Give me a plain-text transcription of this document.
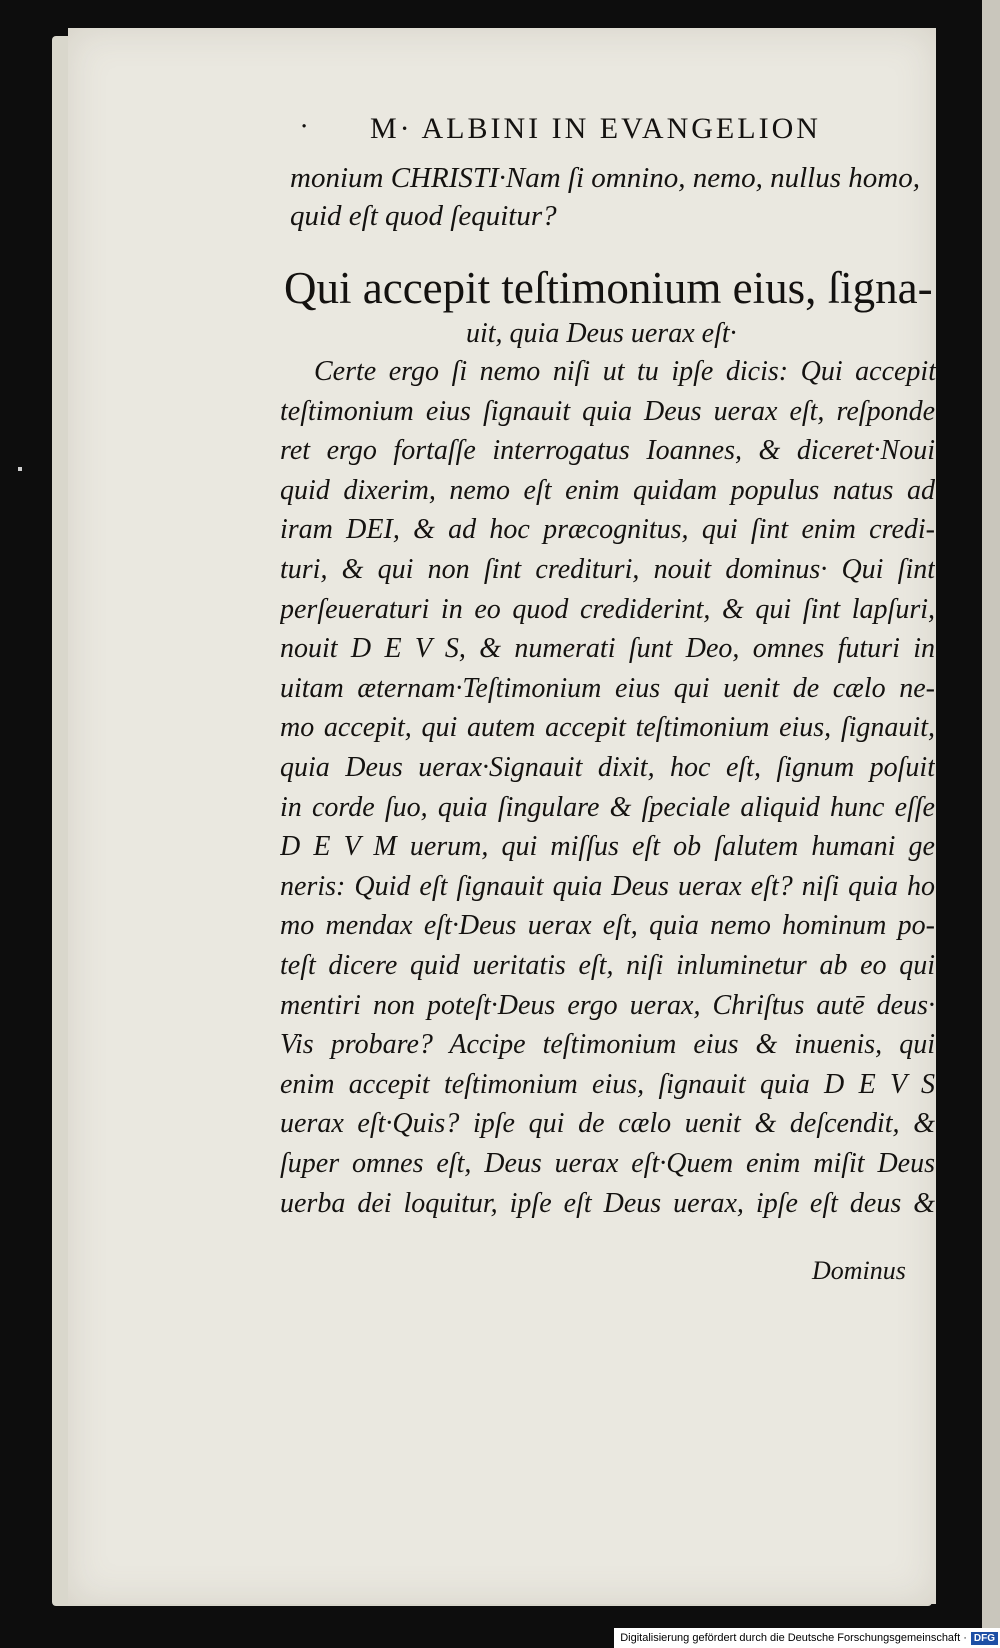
· M· ALBINI IN EVANGELION
monium CHRISTI·Nam ſi omnino, nemo, nullus homo,
quid eſt quod ſequitur?
Qui accepit teſtimonium eius, ſigna-
uit, quia Deus uerax eſt·
Certe ergo ſi nemo niſi ut tu ipſe dicis: Qui accepit
teſtimonium eius ſignauit quia Deus uerax eſt, reſponde
ret ergo fortaſſe interrogatus Ioannes, & diceret·Noui
quid dixerim, nemo eſt enim quidam populus natus ad
iram DEI, & ad hoc præcognitus, qui ſint enim credi-
turi, & qui non ſint credituri, nouit dominus· Qui ſint
perſeueraturi in eo quod crediderint, & qui ſint lapſuri,
nouit D E V S, & numerati ſunt Deo, omnes futuri in
uitam æternam·Teſtimonium eius qui uenit de cælo ne-
mo accepit, qui autem accepit teſtimonium eius, ſignauit,
quia Deus uerax·Signauit dixit, hoc eſt, ſignum poſuit
in corde ſuo, quia ſingulare & ſpeciale aliquid hunc eſſe
D E V M uerum, qui miſſus eſt ob ſalutem humani ge
neris: Quid eſt ſignauit quia Deus uerax eſt? niſi quia ho
mo mendax eſt·Deus uerax eſt, quia nemo hominum po-
teſt dicere quid ueritatis eſt, niſi inluminetur ab eo qui
mentiri non poteſt·Deus ergo uerax, Chriſtus autē deus·
Vis probare? Accipe teſtimonium eius & inuenis, qui
enim accepit teſtimonium eius, ſignauit quia D E V S
uerax eſt·Quis? ipſe qui de cælo uenit & deſcendit, &
ſuper omnes eſt, Deus uerax eſt·Quem enim miſit Deus
uerba dei loquitur, ipſe eſt Deus uerax, ipſe eſt deus &
Dominus
Digitalisierung gefördert durch die Deutsche Forschungsgemeinschaft · DFG
